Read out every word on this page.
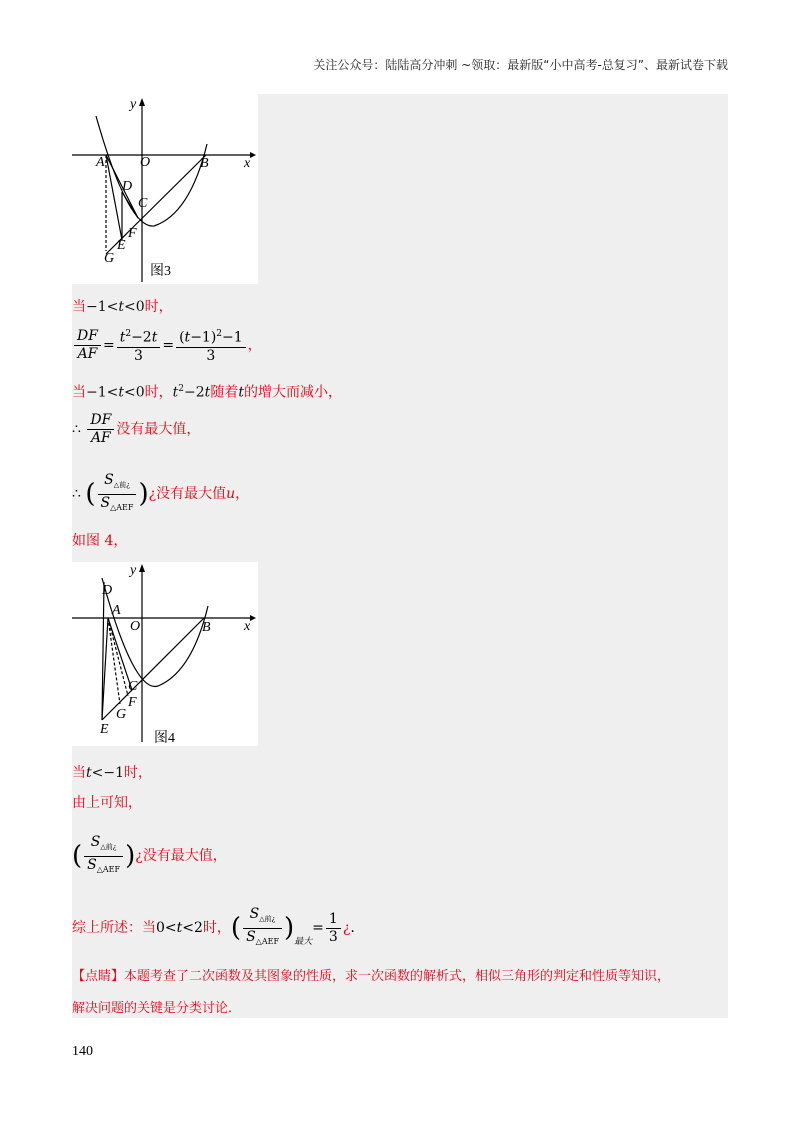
关注公众号：陆陆高分冲刺 ~领取：最新版“小中高考-总复习”、最新试卷下载
y
x
A	O	B
D
C
F
E
G
图3
当−1<t<0时，
$\frac{DF}{AF} = \frac{t^2-2t}{3} = \frac{(t-1)^2-1}{3}$ ，
当−1<t<0时，$t^2-2t$随着t的增大而减小，
∴ $\frac{DF}{AF}$ 没有最大值，
∴ ( $\frac{S_{\triangle 前¿}}{S_{\triangle AEF}}$ )¿没有最大值u，
如图 4，
y
x
D
A
O	B
C
F
G
E
图4
当t<−1时，
由上可知，
( $\frac{S_{\triangle 前¿}}{S_{\triangle AEF}}$ )¿没有最大值，
综上所述：当0<t<2时，( $\frac{S_{\triangle 前¿}}{S_{\triangle AEF}} )_{最大}= \frac{1}{3}$ ¿.
【点睛】本题考查了二次函数及其图象的性质，求一次函数的解析式，相似三角形的判定和性质等知识，
解决问题的关键是分类讨论．
140
